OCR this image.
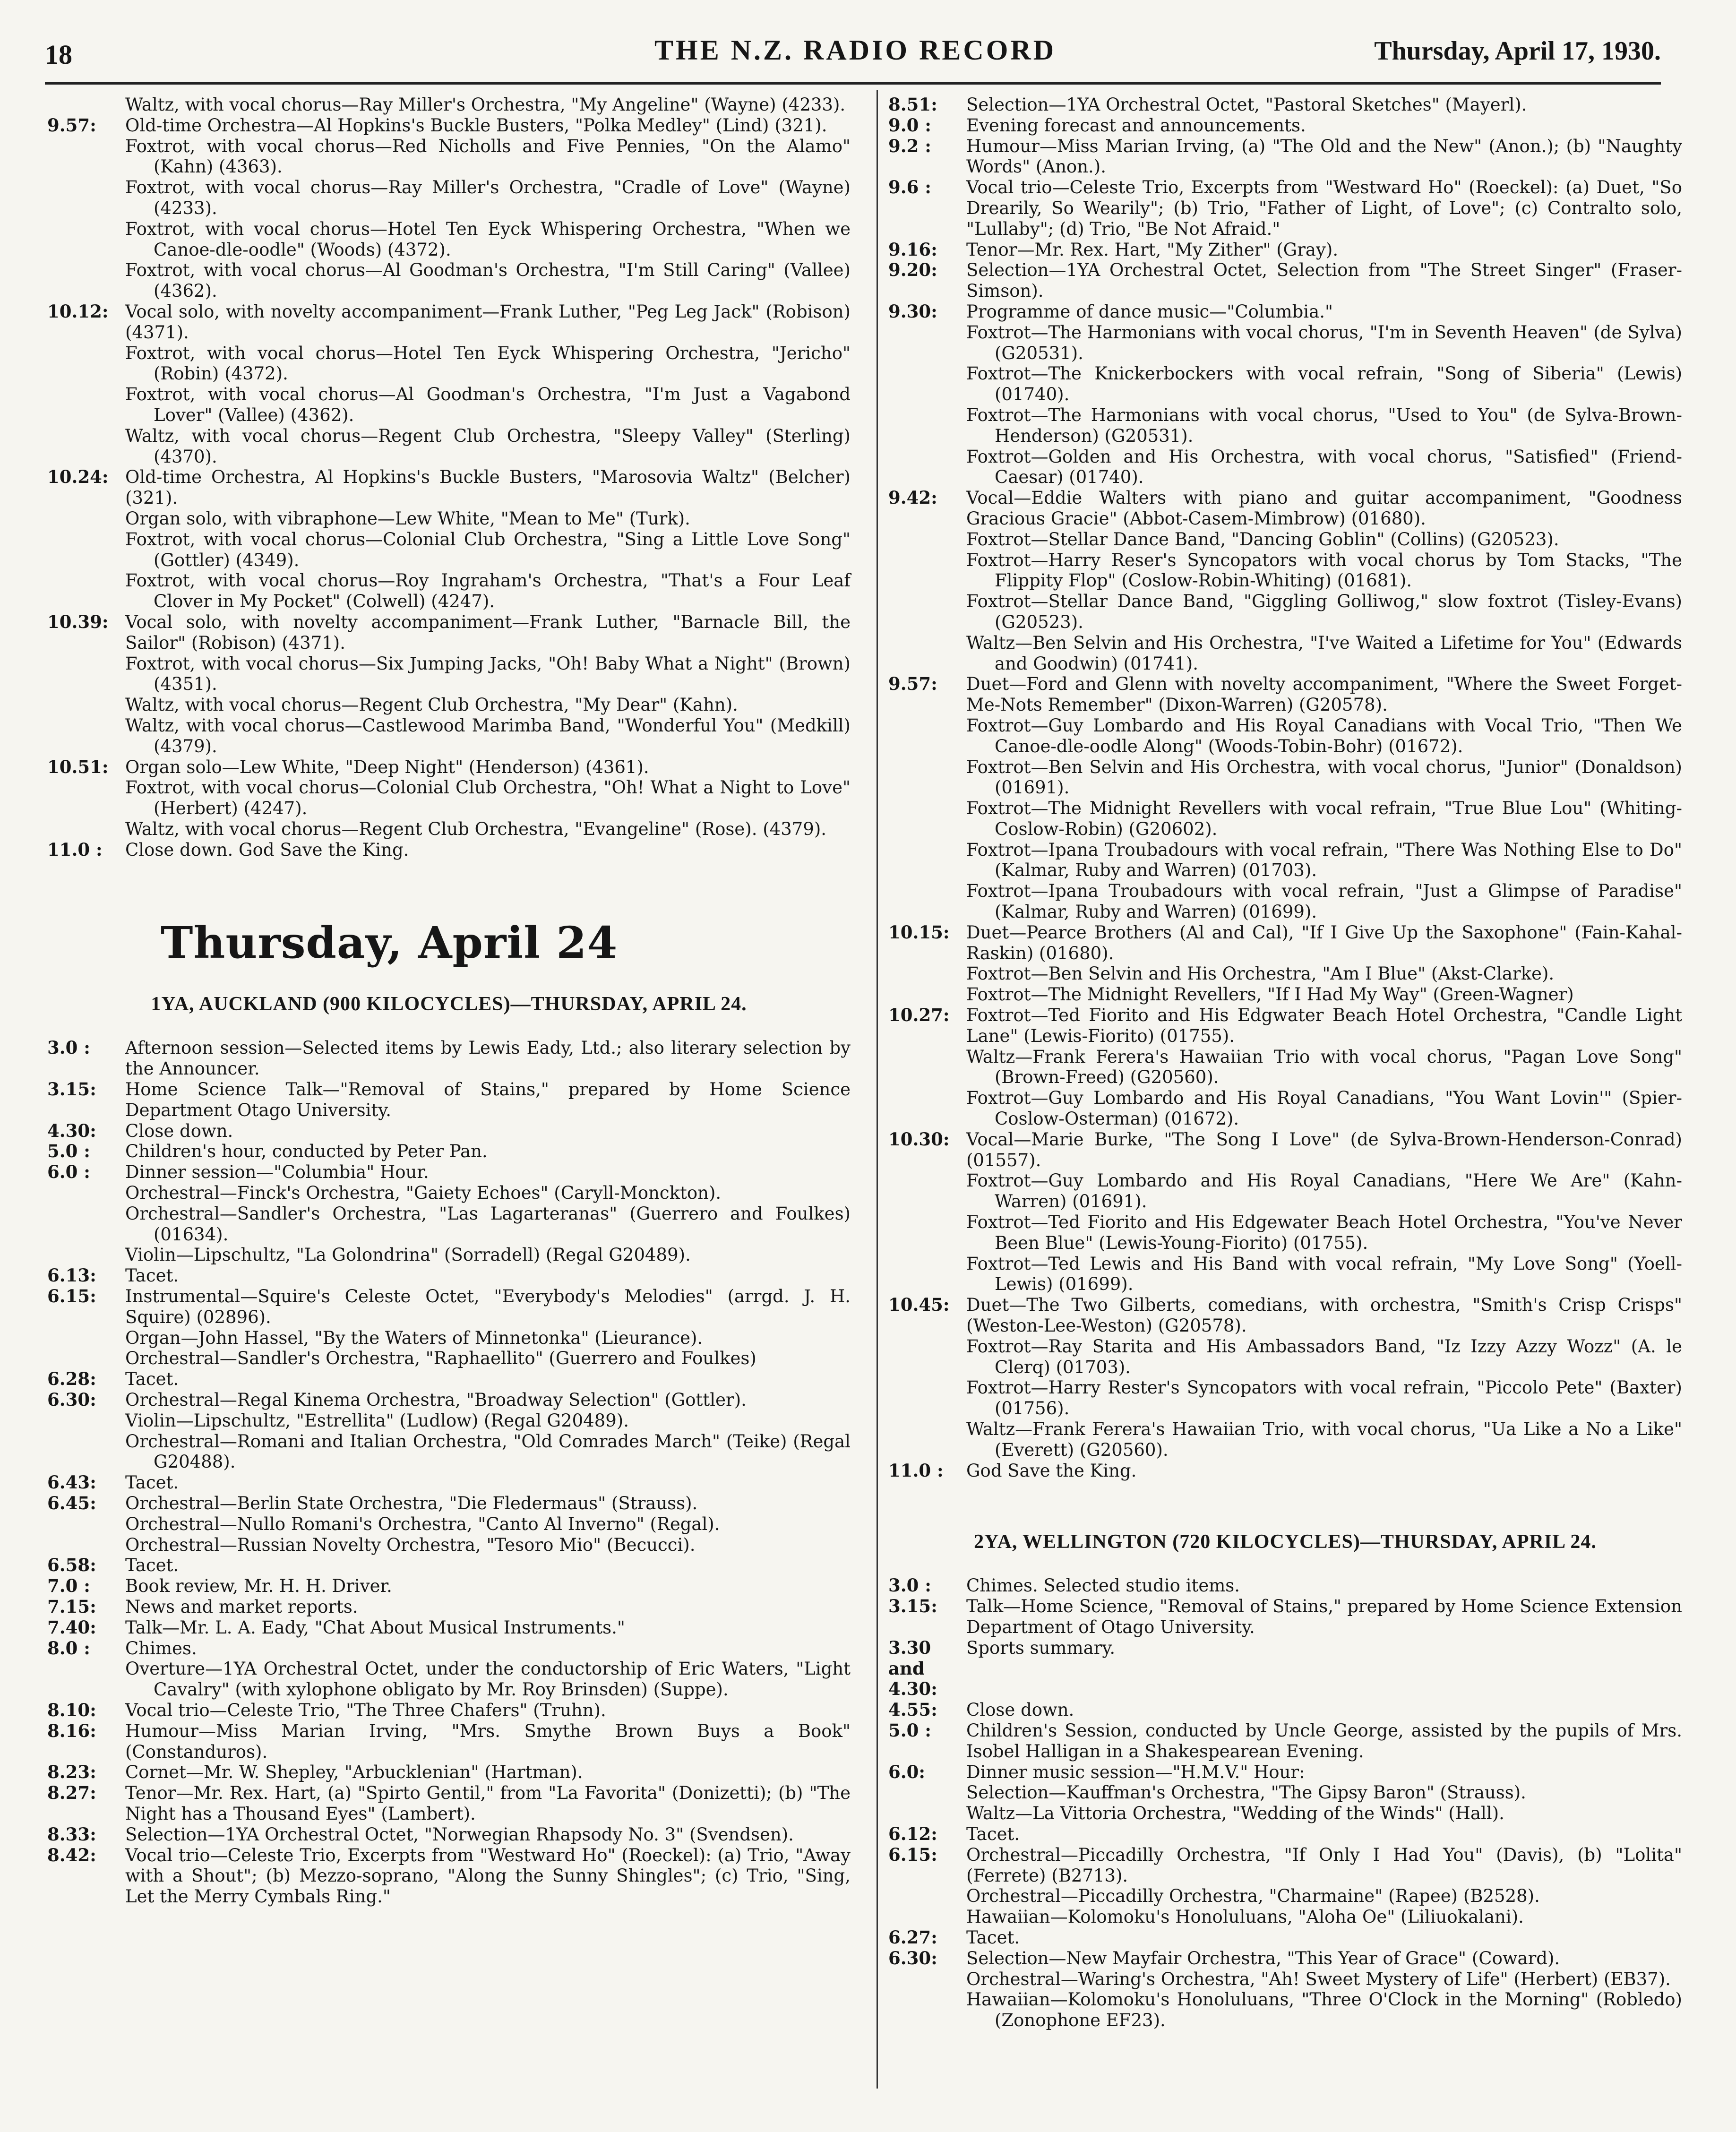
18	THE N.Z. RADIO RECORD	Thursday, April 17, 1930.
Waltz, with vocal chorus—Ray Miller's Orchestra, "My Angeline" (Wayne) (4233).
9.57:	Old-time Orchestra—Al Hopkins's Buckle Busters, "Polka Medley" (Lind) (321).
Foxtrot, with vocal chorus—Red Nicholls and Five Pennies, "On the Alamo" (Kahn) (4363).
Foxtrot, with vocal chorus—Ray Miller's Orchestra, "Cradle of Love" (Wayne) (4233).
Foxtrot, with vocal chorus—Hotel Ten Eyck Whispering Orchestra, "When we Canoe-dle-oodle" (Woods) (4372).
Foxtrot, with vocal chorus—Al Goodman's Orchestra, "I'm Still Caring" (Vallee) (4362).
10.12: Vocal solo, with novelty accompaniment—Frank Luther, "Peg Leg Jack" (Robison) (4371).
Foxtrot, with vocal chorus—Hotel Ten Eyck Whispering Orchestra, "Jericho" (Robin) (4372).
Foxtrot, with vocal chorus—Al Goodman's Orchestra, "I'm Just a Vagabond Lover" (Vallee) (4362).
Waltz, with vocal chorus—Regent Club Orchestra, "Sleepy Valley" (Sterling) (4370).
10.24: Old-time Orchestra, Al Hopkins's Buckle Busters, "Marosovia Waltz" (Belcher) (321).
Organ solo, with vibraphone—Lew White, "Mean to Me" (Turk).
Foxtrot, with vocal chorus—Colonial Club Orchestra, "Sing a Little Love Song" (Gottler) (4349).
Foxtrot, with vocal chorus—Roy Ingraham's Orchestra, "That's a Four Leaf Clover in My Pocket" (Colwell) (4247).
10.39: Vocal solo, with novelty accompaniment—Frank Luther, "Barnacle Bill, the Sailor" (Robison) (4371).
Foxtrot, with vocal chorus—Six Jumping Jacks, "Oh! Baby What a Night" (Brown) (4351).
Waltz, with vocal chorus—Regent Club Orchestra, "My Dear" (Kahn).
Waltz, with vocal chorus—Castlewood Marimba Band, "Wonderful You" (Medkill) (4379).
10.51: Organ solo—Lew White, "Deep Night" (Henderson) (4361).
Foxtrot, with vocal chorus—Colonial Club Orchestra, "Oh! What a Night to Love" (Herbert) (4247).
Waltz, with vocal chorus—Regent Club Orchestra, "Evangeline" (Rose). (4379).
11.0 :	Close down. God Save the King.
Thursday, April 24
1YA, AUCKLAND (900 KILOCYCLES)—THURSDAY, APRIL 24.
3.0 :	Afternoon session—Selected items by Lewis Eady, Ltd.; also literary selection by the Announcer.
3.15:	Home Science Talk—"Removal of Stains," prepared by Home Science Department Otago University.
4.30:	Close down.
5.0 :	Children's hour, conducted by Peter Pan.
6.0 :	Dinner session—"Columbia" Hour.
Orchestral—Finck's Orchestra, "Gaiety Echoes" (Caryll-Monckton).
Orchestral—Sandler's Orchestra, "Las Lagarteranas" (Guerrero and Foulkes) (01634).
Violin—Lipschultz, "La Golondrina" (Sorradell) (Regal G20489).
6.13:	Tacet.
6.15:	Instrumental—Squire's Celeste Octet, "Everybody's Melodies" (arrgd. J. H. Squire) (02896).
Organ—John Hassel, "By the Waters of Minnetonka" (Lieurance).
Orchestral—Sandler's Orchestra, "Raphaellito" (Guerrero and Foulkes)
6.28:	Tacet.
6.30:	Orchestral—Regal Kinema Orchestra, "Broadway Selection" (Gottler).
Violin—Lipschultz, "Estrellita" (Ludlow) (Regal G20489).
Orchestral—Romani and Italian Orchestra, "Old Comrades March" (Teike) (Regal G20488).
6.43:	Tacet.
6.45:	Orchestral—Berlin State Orchestra, "Die Fledermaus" (Strauss).
Orchestral—Nullo Romani's Orchestra, "Canto Al Inverno" (Regal).
Orchestral—Russian Novelty Orchestra, "Tesoro Mio" (Becucci).
6.58:	Tacet.
7.0 :	Book review, Mr. H. H. Driver.
7.15:	News and market reports.
7.40:	Talk—Mr. L. A. Eady, "Chat About Musical Instruments."
8.0 :	Chimes.
Overture—1YA Orchestral Octet, under the conductorship of Eric Waters, "Light Cavalry" (with xylophone obligato by Mr. Roy Brinsden) (Suppe).
8.10:	Vocal trio—Celeste Trio, "The Three Chafers" (Truhn).
8.16:	Humour—Miss Marian Irving, "Mrs. Smythe Brown Buys a Book" (Constanduros).
8.23:	Cornet—Mr. W. Shepley, "Arbucklenian" (Hartman).
8.27:	Tenor—Mr. Rex. Hart, (a) "Spirto Gentil," from "La Favorita" (Donizetti); (b) "The Night has a Thousand Eyes" (Lambert).
8.33:	Selection—1YA Orchestral Octet, "Norwegian Rhapsody No. 3" (Svendsen).
8.42:	Vocal trio—Celeste Trio, Excerpts from "Westward Ho" (Roeckel): (a) Trio, "Away with a Shout"; (b) Mezzo-soprano, "Along the Sunny Shingles"; (c) Trio, "Sing, Let the Merry Cymbals Ring."
8.51:	Selection—1YA Orchestral Octet, "Pastoral Sketches" (Mayerl).
9.0 :	Evening forecast and announcements.
9.2 :	Humour—Miss Marian Irving, (a) "The Old and the New" (Anon.); (b) "Naughty Words" (Anon.).
9.6 :	Vocal trio—Celeste Trio, Excerpts from "Westward Ho" (Roeckel): (a) Duet, "So Drearily, So Wearily"; (b) Trio, "Father of Light, of Love"; (c) Contralto solo, "Lullaby"; (d) Trio, "Be Not Afraid."
9.16:	Tenor—Mr. Rex. Hart, "My Zither" (Gray).
9.20:	Selection—1YA Orchestral Octet, Selection from "The Street Singer" (Fraser-Simson).
9.30:	Programme of dance music—"Columbia."
Foxtrot—The Harmonians with vocal chorus, "I'm in Seventh Heaven" (de Sylva) (G20531).
Foxtrot—The Knickerbockers with vocal refrain, "Song of Siberia" (Lewis) (01740).
Foxtrot—The Harmonians with vocal chorus, "Used to You" (de Sylva-Brown-Henderson) (G20531).
Foxtrot—Golden and His Orchestra, with vocal chorus, "Satisfied" (Friend-Caesar) (01740).
9.42:	Vocal—Eddie Walters with piano and guitar accompaniment, "Goodness Gracious Gracie" (Abbot-Casem-Mimbrow) (01680).
Foxtrot—Stellar Dance Band, "Dancing Goblin" (Collins) (G20523).
Foxtrot—Harry Reser's Syncopators with vocal chorus by Tom Stacks, "The Flippity Flop" (Coslow-Robin-Whiting) (01681).
Foxtrot—Stellar Dance Band, "Giggling Golliwog," slow foxtrot (Tisley-Evans) (G20523).
Waltz—Ben Selvin and His Orchestra, "I've Waited a Lifetime for You" (Edwards and Goodwin) (01741).
9.57:	Duet—Ford and Glenn with novelty accompaniment, "Where the Sweet Forget-Me-Nots Remember" (Dixon-Warren) (G20578).
Foxtrot—Guy Lombardo and His Royal Canadians with Vocal Trio, "Then We Canoe-dle-oodle Along" (Woods-Tobin-Bohr) (01672).
Foxtrot—Ben Selvin and His Orchestra, with vocal chorus, "Junior" (Donaldson) (01691).
Foxtrot—The Midnight Revellers with vocal refrain, "True Blue Lou" (Whiting-Coslow-Robin) (G20602).
Foxtrot—Ipana Troubadours with vocal refrain, "There Was Nothing Else to Do" (Kalmar, Ruby and Warren) (01703).
Foxtrot—Ipana Troubadours with vocal refrain, "Just a Glimpse of Paradise" (Kalmar, Ruby and Warren) (01699).
10.15: Duet—Pearce Brothers (Al and Cal), "If I Give Up the Saxophone" (Fain-Kahal-Raskin) (01680).
Foxtrot—Ben Selvin and His Orchestra, "Am I Blue" (Akst-Clarke).
Foxtrot—The Midnight Revellers, "If I Had My Way" (Green-Wagner)
10.27: Foxtrot—Ted Fiorito and His Edgwater Beach Hotel Orchestra, "Candle Light Lane" (Lewis-Fiorito) (01755).
Waltz—Frank Ferera's Hawaiian Trio with vocal chorus, "Pagan Love Song" (Brown-Freed) (G20560).
Foxtrot—Guy Lombardo and His Royal Canadians, "You Want Lovin'" (Spier-Coslow-Osterman) (01672).
10.30: Vocal—Marie Burke, "The Song I Love" (de Sylva-Brown-Henderson-Conrad) (01557).
Foxtrot—Guy Lombardo and His Royal Canadians, "Here We Are" (Kahn-Warren) (01691).
Foxtrot—Ted Fiorito and His Edgewater Beach Hotel Orchestra, "You've Never Been Blue" (Lewis-Young-Fiorito) (01755).
Foxtrot—Ted Lewis and His Band with vocal refrain, "My Love Song" (Yoell-Lewis) (01699).
10.45: Duet—The Two Gilberts, comedians, with orchestra, "Smith's Crisp Crisps" (Weston-Lee-Weston) (G20578).
Foxtrot—Ray Starita and His Ambassadors Band, "Iz Izzy Azzy Wozz" (A. le Clerq) (01703).
Foxtrot—Harry Rester's Syncopators with vocal refrain, "Piccolo Pete" (Baxter) (01756).
Waltz—Frank Ferera's Hawaiian Trio, with vocal chorus, "Ua Like a No a Like" (Everett) (G20560).
11.0 :	God Save the King.
2YA, WELLINGTON (720 KILOCYCLES)—THURSDAY, APRIL 24.
3.0 :	Chimes. Selected studio items.
3.15:	Talk—Home Science, "Removal of Stains," prepared by Home Science Extension Department of Otago University.
3.30 and 4.30:
Sports summary.
4.55:	Close down.
5.0 :	Children's Session, conducted by Uncle George, assisted by the pupils of Mrs. Isobel Halligan in a Shakespearean Evening.
6.0:	Dinner music session—"H.M.V." Hour:
Selection—Kauffman's Orchestra, "The Gipsy Baron" (Strauss).
Waltz—La Vittoria Orchestra, "Wedding of the Winds" (Hall).
6.12:	Tacet.
6.15:	Orchestral—Piccadilly Orchestra, "If Only I Had You" (Davis), (b) "Lolita" (Ferrete) (B2713).
Orchestral—Piccadilly Orchestra, "Charmaine" (Rapee) (B2528).
Hawaiian—Kolomoku's Honoluluans, "Aloha Oe" (Liliuokalani).
6.27:	Tacet.
6.30:	Selection—New Mayfair Orchestra, "This Year of Grace" (Coward).
Orchestral—Waring's Orchestra, "Ah! Sweet Mystery of Life" (Herbert) (EB37).
Hawaiian—Kolomoku's Honoluluans, "Three O'Clock in the Morning" (Robledo) (Zonophone EF23).
